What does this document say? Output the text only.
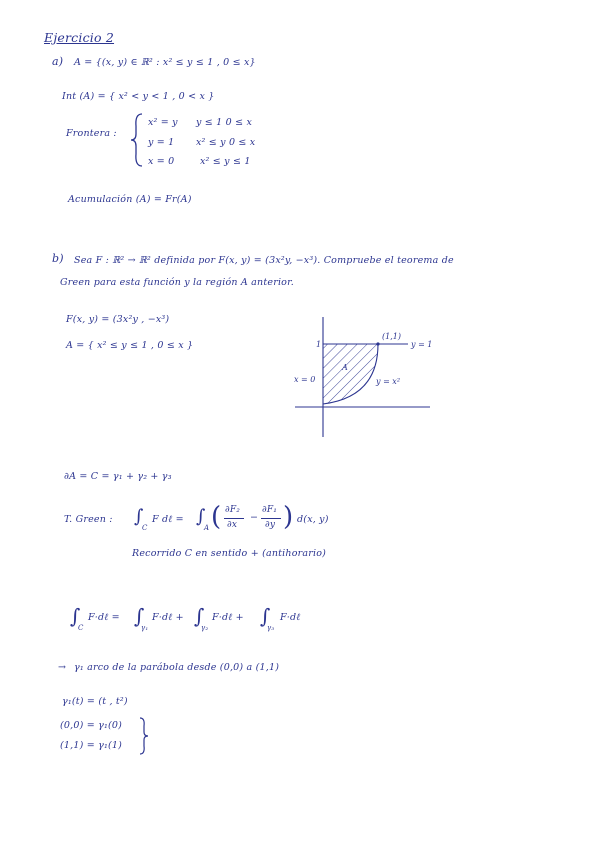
Ejercicio 2
a) A = {(x, y) ∈ ℝ² : x² ≤ y ≤ 1 , 0 ≤ x}
Int (A) = { x² < y < 1 , 0 < x }
Frontera :
x² = y y ≤ 1 0 ≤ x
y = 1 x² ≤ y 0 ≤ x
x = 0	x² ≤ y ≤ 1
Acumulación (A) = Fr(A)
b) Sea F : ℝ² → ℝ² definida por F(x, y) = (3x²y, −x³). Compruebe el teorema de
Green para esta función y la región A anterior.
F(x, y) = (3x²y , −x³)
A = { x² ≤ y ≤ 1 , 0 ≤ x }
(1,1)
y = 1
1
x = 0
A
y = x²
∂A = C = γ₁ + γ₂ + γ₃
T. Green : ∫
C
F dℓ = ∫
A ( ∂F₂
∂x
−
∂F₁
∂y ) d(x, y)
Recorrido C en sentido + (antihorario)
∫
C
F·dℓ = ∫
γ₁
F·dℓ + ∫
γ₂
F·dℓ + ∫
γ₃
F·dℓ
→ γ₁ arco de la parábola desde (0,0) a (1,1)
γ₁(t) = (t , t²)
(0,0) = γ₁(0)
(1,1) = γ₁(1)
